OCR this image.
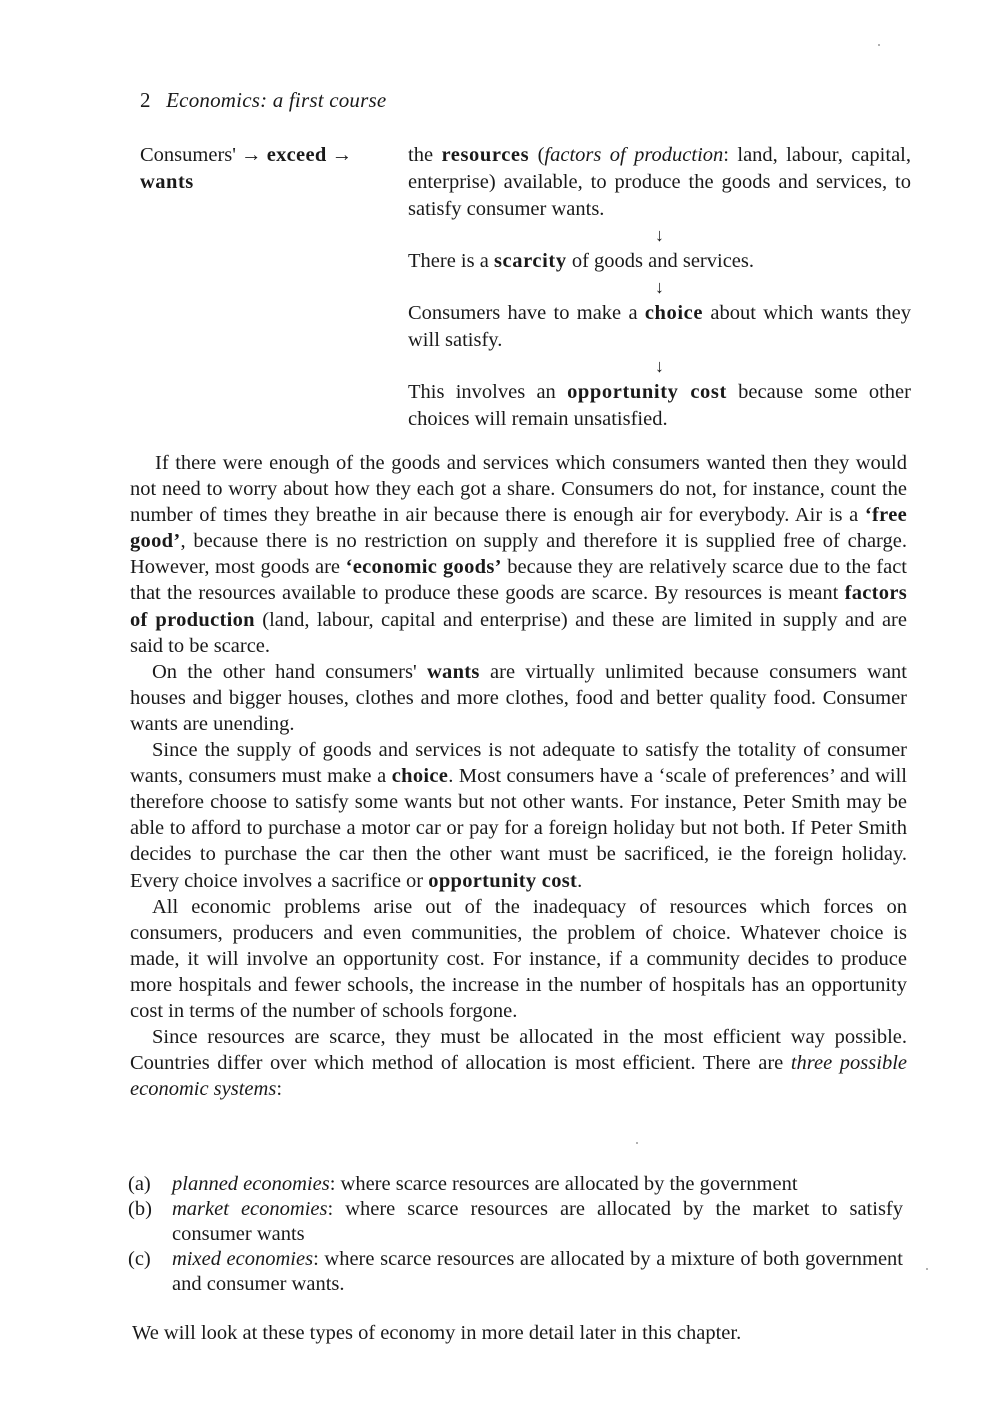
2 Economics: a first course
Consumers' → exceed →
wants

the resources (factors of production: land, labour, capital, enterprise) available, to produce the goods and services, to satisfy consumer wants.

↓

There is a scarcity of goods and services.

↓

Consumers have to make a choice about which wants they will satisfy.

↓

This involves an opportunity cost because some other choices will remain unsatisfied.

If there were enough of the goods and services which consumers wanted then they would not need to worry about how they each got a share. Consumers do not, for instance, count the number of times they breathe in air because there is enough air for everybody. Air is a ‘free good’, because there is no restriction on supply and therefore it is supplied free of charge. However, most goods are ‘economic goods’ because they are relatively scarce due to the fact that the resources available to produce these goods are scarce. By resources is meant factors of production (land, labour, capital and enterprise) and these are limited in supply and are said to be scarce.

On the other hand consumers' wants are virtually unlimited because consumers want houses and bigger houses, clothes and more clothes, food and better quality food. Consumer wants are unending.

Since the supply of goods and services is not adequate to satisfy the totality of consumer wants, consumers must make a choice. Most consumers have a ‘scale of preferences’ and will therefore choose to satisfy some wants but not other wants. For instance, Peter Smith may be able to afford to purchase a motor car or pay for a foreign holiday but not both. If Peter Smith decides to purchase the car then the other want must be sacrificed, ie the foreign holiday. Every choice involves a sacrifice or opportunity cost.

All economic problems arise out of the inadequacy of resources which forces on consumers, producers and even communities, the problem of choice. Whatever choice is made, it will involve an opportunity cost. For instance, if a community decides to produce more hospitals and fewer schools, the increase in the number of hospitals has an opportunity cost in terms of the number of schools forgone.

Since resources are scarce, they must be allocated in the most efficient way possible. Countries differ over which method of allocation is most efficient. There are three possible economic systems:

(a) planned economies: where scarce resources are allocated by the government

(b) market economies: where scarce resources are allocated by the market to satisfy consumer wants

(c) mixed economies: where scarce resources are allocated by a mixture of both government and consumer wants.

We will look at these types of economy in more detail later in this chapter.
